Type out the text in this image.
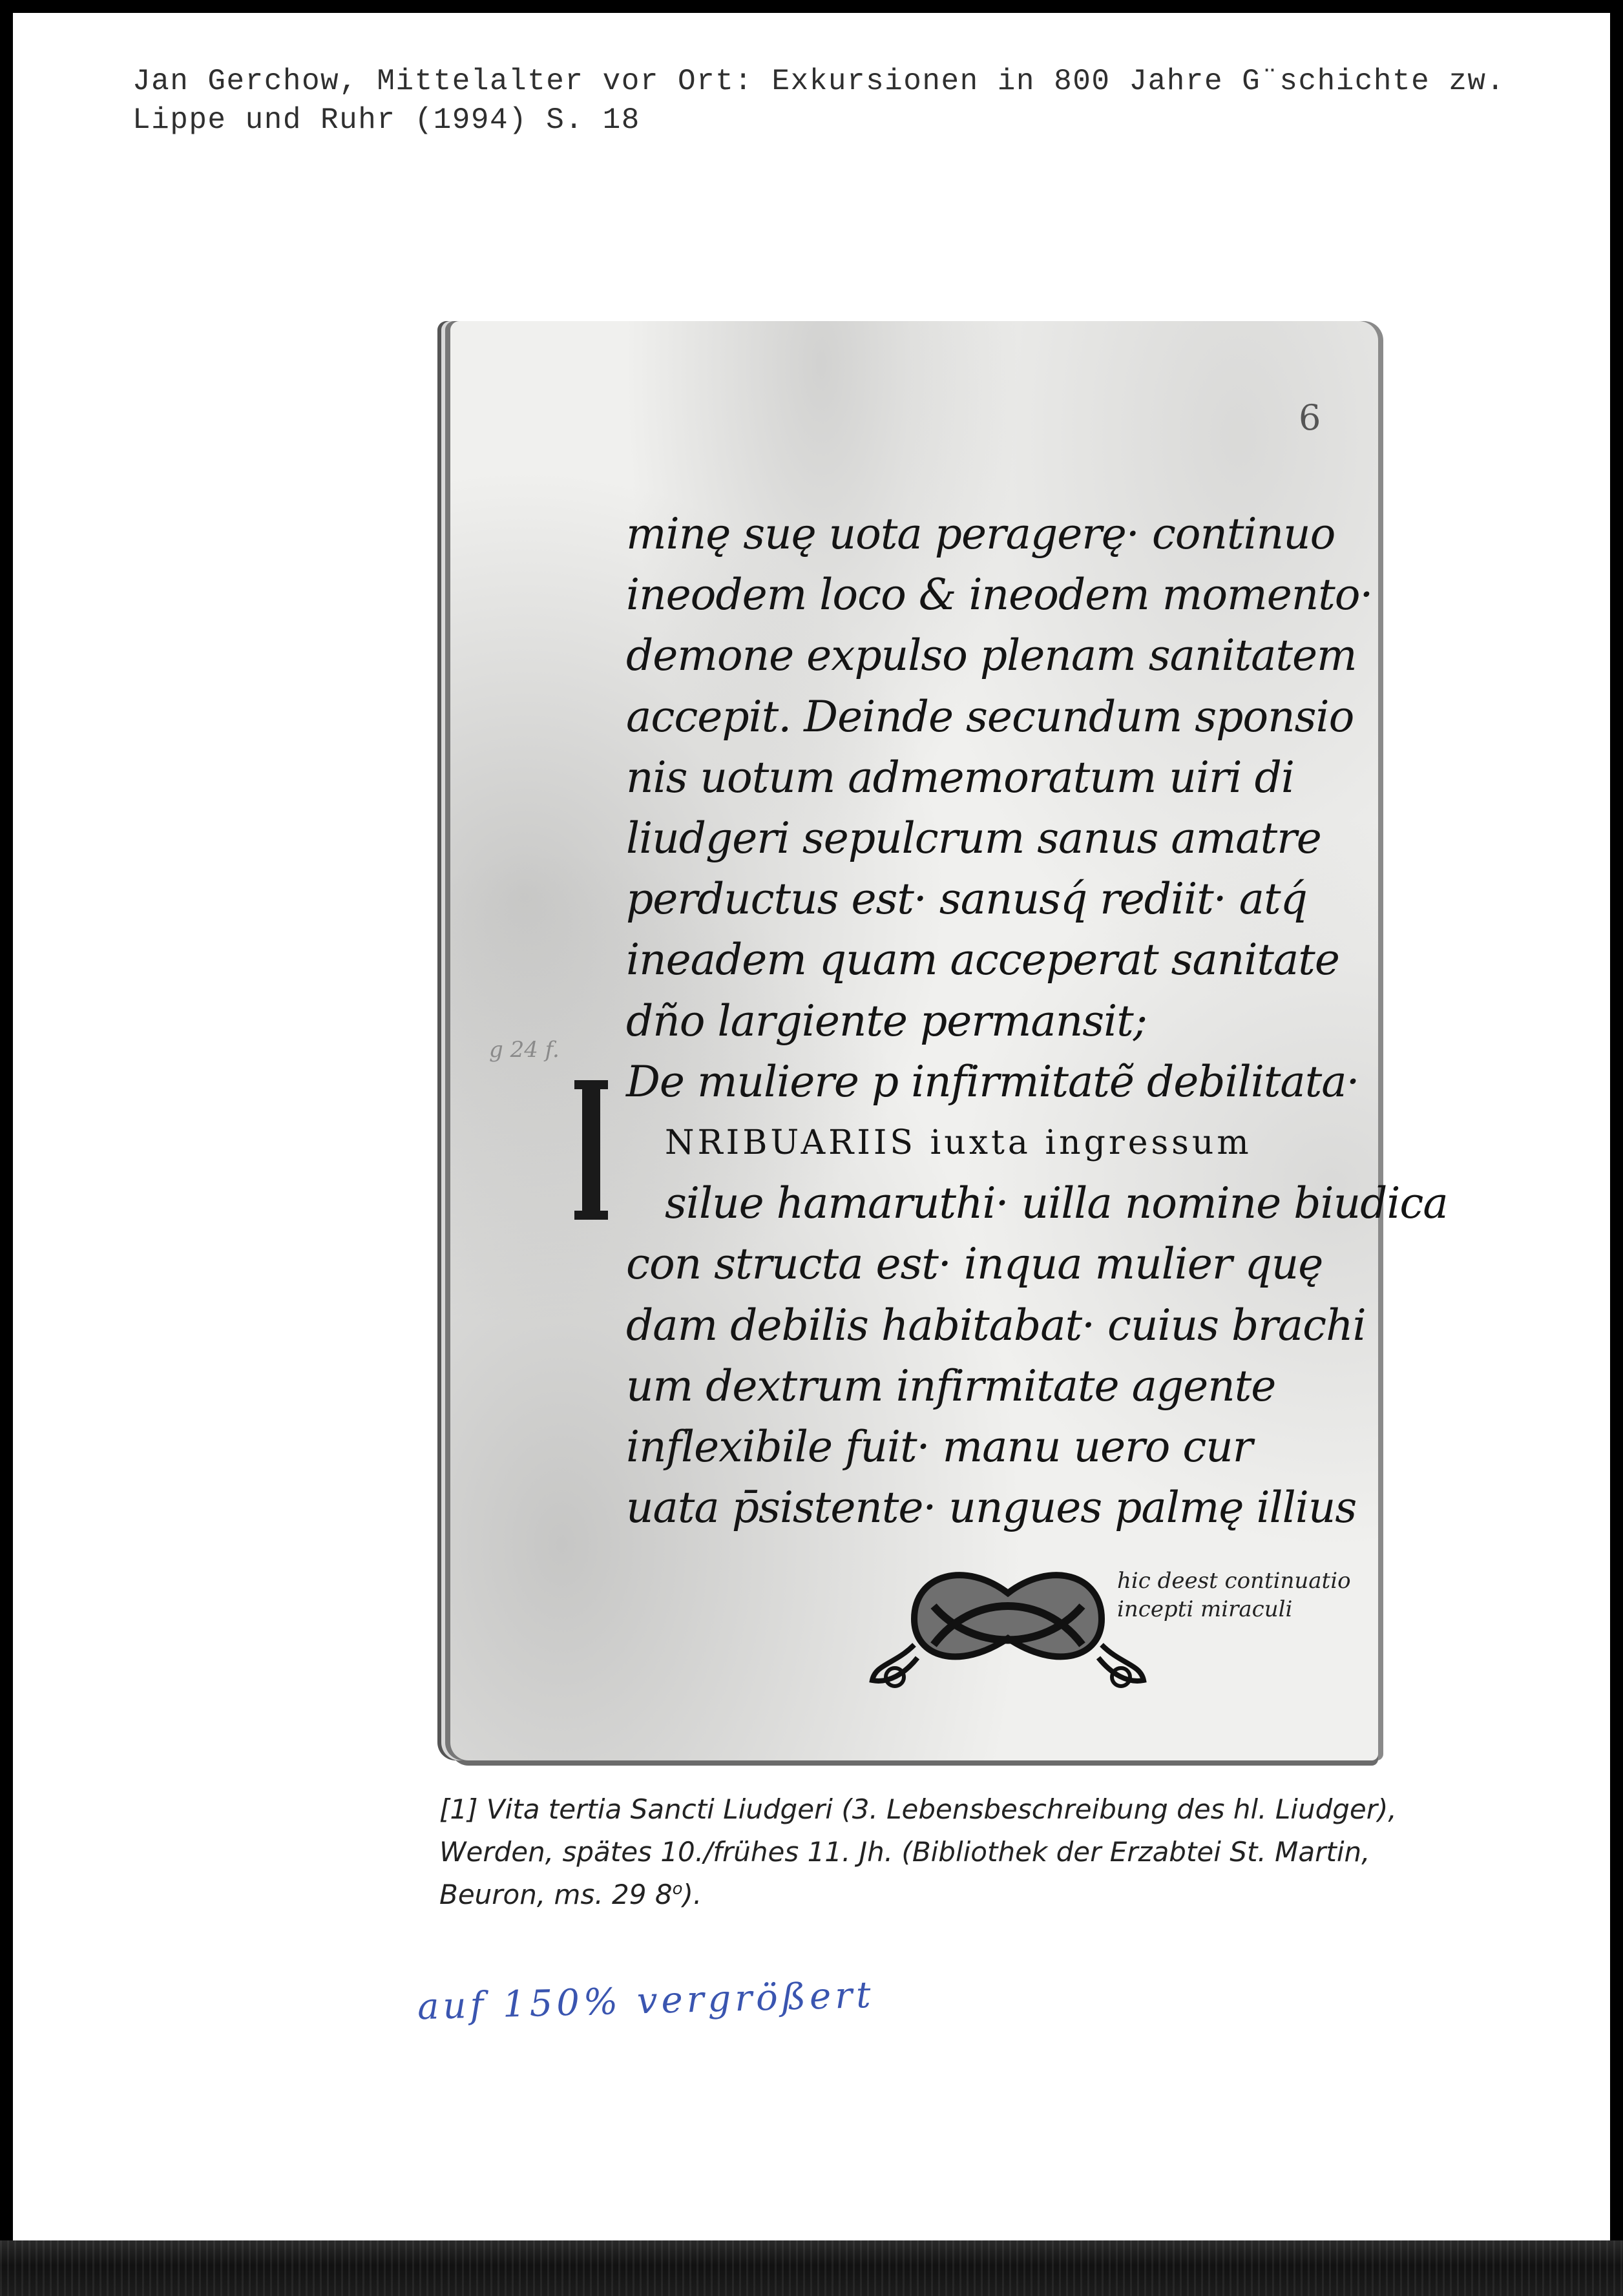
Jan Gerchow, Mittelalter vor Ort: Exkursionen in 800 Jahre G¨schichte zw.
Lippe und Ruhr (1994) S. 18
6
g 24 f.
minę suę uota peragerę· continuo
ineodem loco & ineodem momento·
demone expulso plenam sanitatem
accepit. Deinde secundum sponsio
nis uotum admemoratum uiri di
liudgeri sepulcrum sanus amatre
perductus est· sanusq́ rediit· atq́
ineadem quam acceperat sanitate
dño largiente permansit;
De muliere p infirmitatẽ debilitata·
NRIBUARIIS iuxta ingressum
silue hamaruthi· uilla nomine biudica
con structa est· inqua mulier quę
dam debilis habitabat· cuius brachi
um dextrum infirmitate agente
inflexibile fuit· manu uero cur
uata p̄sistente· ungues palmę illius
hic deest continuatio
incepti miraculi
[1] Vita tertia Sancti Liudgeri (3. Lebensbeschreibung des hl. Liudger),
Werden, spätes 10./frühes 11. Jh. (Bibliothek der Erzabtei St. Martin,
Beuron, ms. 29 8$^o$).
auf 150% vergrößert
